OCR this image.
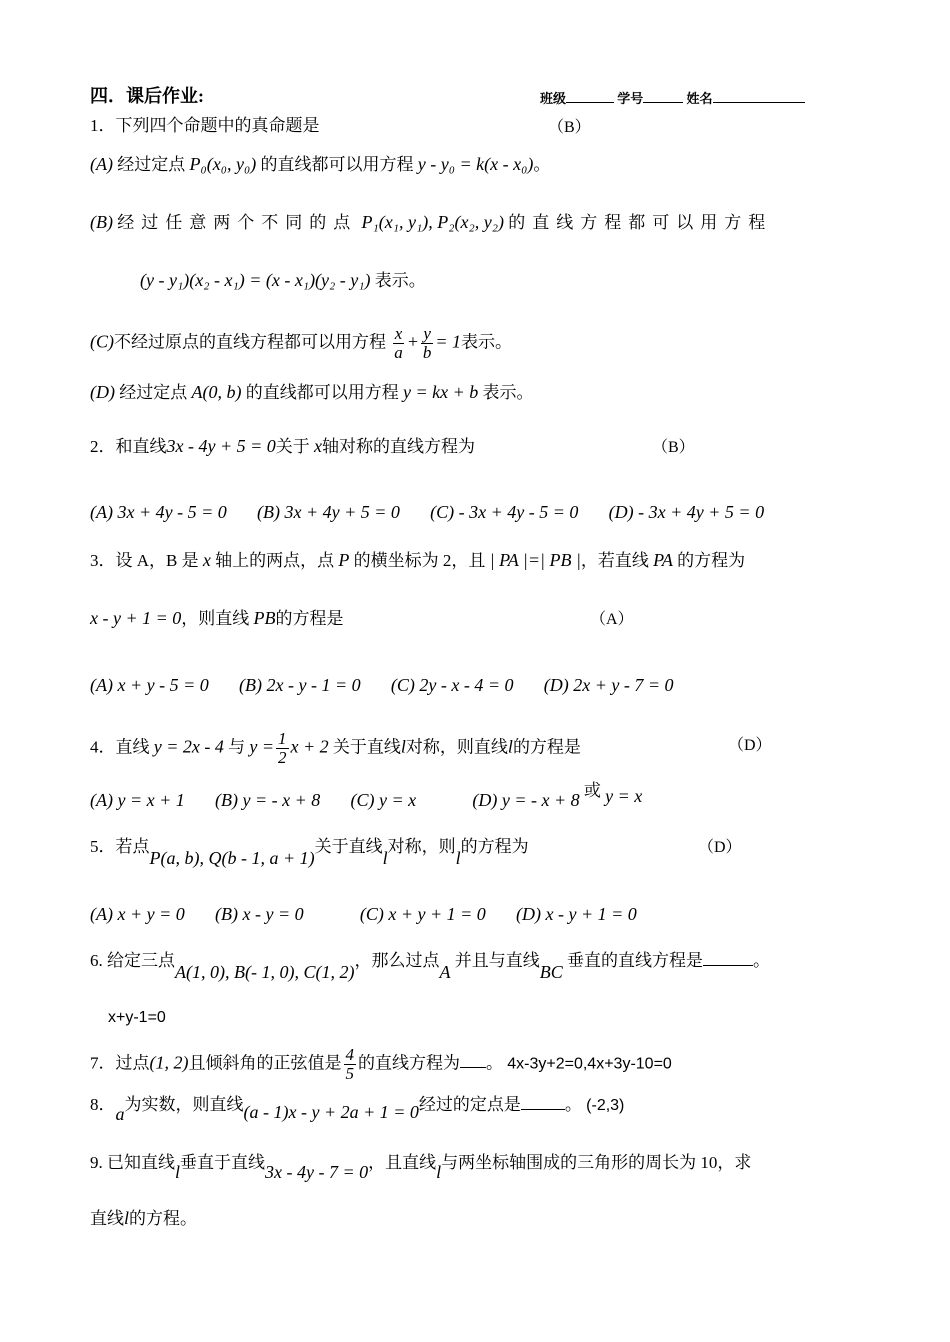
四．课后作业:	班级	学号	姓名
1．下列四个命题中的真命题是	（B）
(A) 经过定点 P₀(x₀, y₀) 的直线都可以用方程 y - y₀ = k(x - x₀)。
(B) 经过任意两个不同的点 P₁(x₁, y₁), P₂(x₂, y₂) 的直线方程都可以用方程
(y - y₁)(x₂ - x₁) = (x - x₁)(y₂ - y₁) 表示。
(C)不经过原点的直线方程都可以用方程 $\frac{x}{a} + \frac{y}{b} = 1$表示。
(D) 经过定点 A(0, b) 的直线都可以用方程 y = kx + b 表示。
2．和直线3x - 4y + 5 = 0关于 x轴对称的直线方程为	（B）
(A) 3x + 4y - 5 = 0 (B) 3x + 4y + 5 = 0 (C) - 3x + 4y - 5 = 0 (D) - 3x + 4y + 5 = 0
3．设 A，B 是 x 轴上的两点，点 P 的横坐标为 2，且 | PA |=| PB |，若直线 PA 的方程为
x - y + 1 = 0，则直线 PB的方程是	（A）
(A) x + y - 5 = 0 (B) 2x - y - 1 = 0 (C) 2y - x - 4 = 0 (D) 2x + y - 7 = 0
4．直线 y = 2x - 4 与 $y = \frac{1}{2}$ x + 2 关于直线l对称，则直线l的方程是	（D）
(A) y = x + 1 (B) y = - x + 8 (C) y = x	(D) y = - x + 8 或 y = x
5．若点P(a, b), Q(b - 1, a + 1)关于直线l对称，则l的方程为	（D）
(A) x + y = 0 (B) x - y = 0	(C) x + y + 1 = 0 (D) x - y + 1 = 0
6. 给定三点A(1, 0), B(- 1, 0), C(1, 2)，那么过点A 并且与直线BC 垂直的直线方程是	。
x+y-1=0
7．过点(1, 2)且倾斜角的正弦值是 $\frac{4}{5}$ 的直线方程为 。 4x-3y+2=0,4x+3y-10=0
8．a为实数，则直线(a - 1)x - y + 2a + 1 = 0经过的定点是	。 (-2,3)
9. 已知直线l垂直于直线3x - 4y - 7 = 0，且直线l与两坐标轴围成的三角形的周长为 10，求
直线l的方程。
